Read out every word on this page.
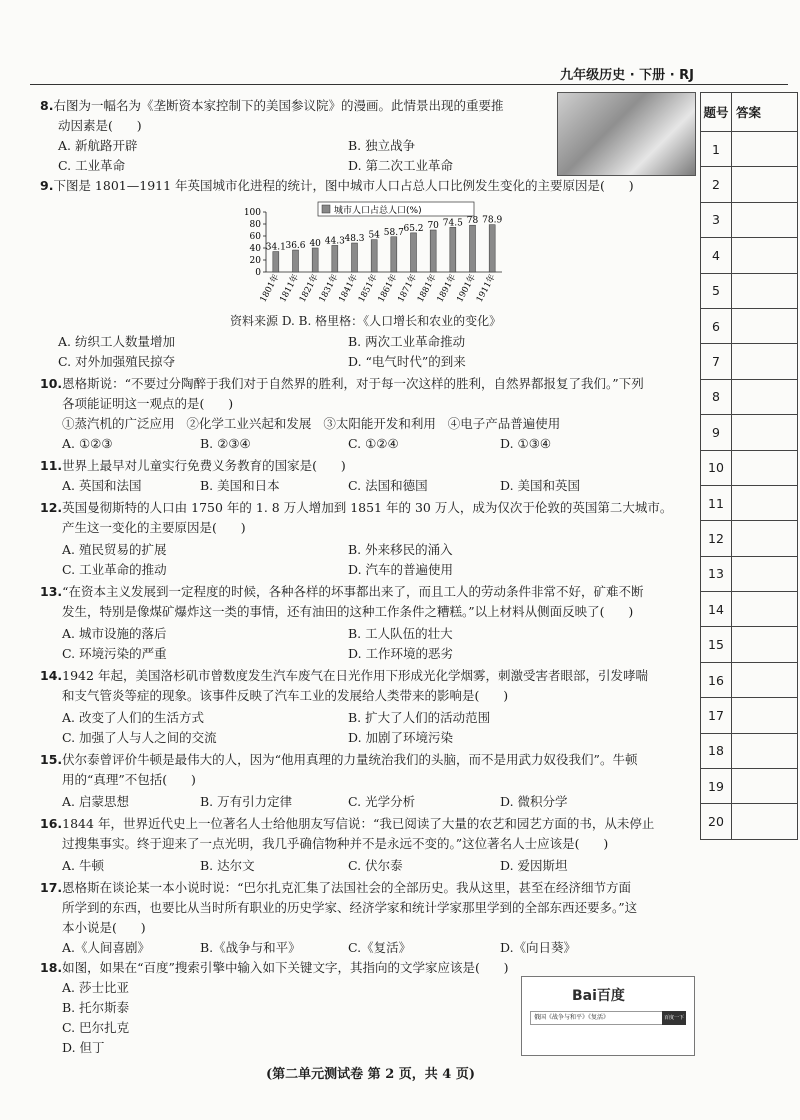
九年级历史 · 下册 · RJ
8.右图为一幅名为《垄断资本家控制下的美国参议院》的漫画。此情景出现的重要推
动因素是(      )
A. 新航路开辟	B. 独立战争
C. 工业革命	D. 第二次工业革命
9.下图是 1801—1911 年英国城市化进程的统计，图中城市人口占总人口比例发生变化的主要原因是(      )
0
20
40
60
80
100	城市人口占总人口(%)
34.1
1801年
36.6
1811年
40
1821年
44.3
1831年
48.3
1841年
54
1851年
58.7
1861年
65.2
1871年
70
1881年
74.5
1891年
78
1901年
78.9
1911年
资料来源 D. B. 格里格：《人口增长和农业的变化》
A. 纺织工人数量增加	B. 两次工业革命推动
C. 对外加强殖民掠夺	D. “电气时代”的到来
10.恩格斯说：“不要过分陶醉于我们对于自然界的胜利，对于每一次这样的胜利，自然界都报复了我们。”下列
各项能证明这一观点的是(      )
①蒸汽机的广泛应用   ②化学工业兴起和发展   ③太阳能开发和利用   ④电子产品普遍使用
A. ①②③	B. ②③④	C. ①②④	D. ①③④
11.世界上最早对儿童实行免费义务教育的国家是(      )
A. 英国和法国	B. 美国和日本	C. 法国和德国	D. 美国和英国
12.英国曼彻斯特的人口由 1750 年的 1. 8 万人增加到 1851 年的 30 万人，成为仅次于伦敦的英国第二大城市。
产生这一变化的主要原因是(      )
A. 殖民贸易的扩展	B. 外来移民的涌入
C. 工业革命的推动	D. 汽车的普遍使用
13.“在资本主义发展到一定程度的时候，各种各样的坏事都出来了，而且工人的劳动条件非常不好，矿难不断
发生，特别是像煤矿爆炸这一类的事情，还有油田的这种工作条件之糟糕。”以上材料从侧面反映了(      )
A. 城市设施的落后	B. 工人队伍的壮大
C. 环境污染的严重	D. 工作环境的恶劣
14.1942 年起，美国洛杉矶市曾数度发生汽车废气在日光作用下形成光化学烟雾，刺激受害者眼部，引发哮喘
和支气管炎等症的现象。该事件反映了汽车工业的发展给人类带来的影响是(      )
A. 改变了人们的生活方式	B. 扩大了人们的活动范围
C. 加强了人与人之间的交流	D. 加剧了环境污染
15.伏尔泰曾评价牛顿是最伟大的人，因为“他用真理的力量统治我们的头脑，而不是用武力奴役我们”。牛顿
用的“真理”不包括(      )
A. 启蒙思想	B. 万有引力定律	C. 光学分析	D. 微积分学
16.1844 年，世界近代史上一位著名人士给他朋友写信说：“我已阅读了大量的农艺和园艺方面的书，从未停止
过搜集事实。终于迎来了一点光明，我几乎确信物种并不是永远不变的。”这位著名人士应该是(      )
A. 牛顿	B. 达尔文	C. 伏尔泰	D. 爱因斯坦
17.恩格斯在谈论某一本小说时说：“巴尔扎克汇集了法国社会的全部历史。我从这里，甚至在经济细节方面
所学到的东西，也要比从当时所有职业的历史学家、经济学家和统计学家那里学到的全部东西还要多。”这
本小说是(      )
A.《人间喜剧》	B.《战争与和平》	C.《复活》	D.《向日葵》
18.如图，如果在“百度”搜索引擎中输入如下关键文字，其指向的文学家应该是(      )
A. 莎士比亚
B. 托尔斯泰
C. 巴尔扎克
D. 但丁
Bai百度
俄国《战争与和平》《复活》	百度一下
题号	答案
1	
2	
3	
4	
5	
6	
7	
8	
9	
10	
11	
12	
13	
14	
15	
16	
17	
18	
19	
20	
(第二单元测试卷 第 2 页，共 4 页)
